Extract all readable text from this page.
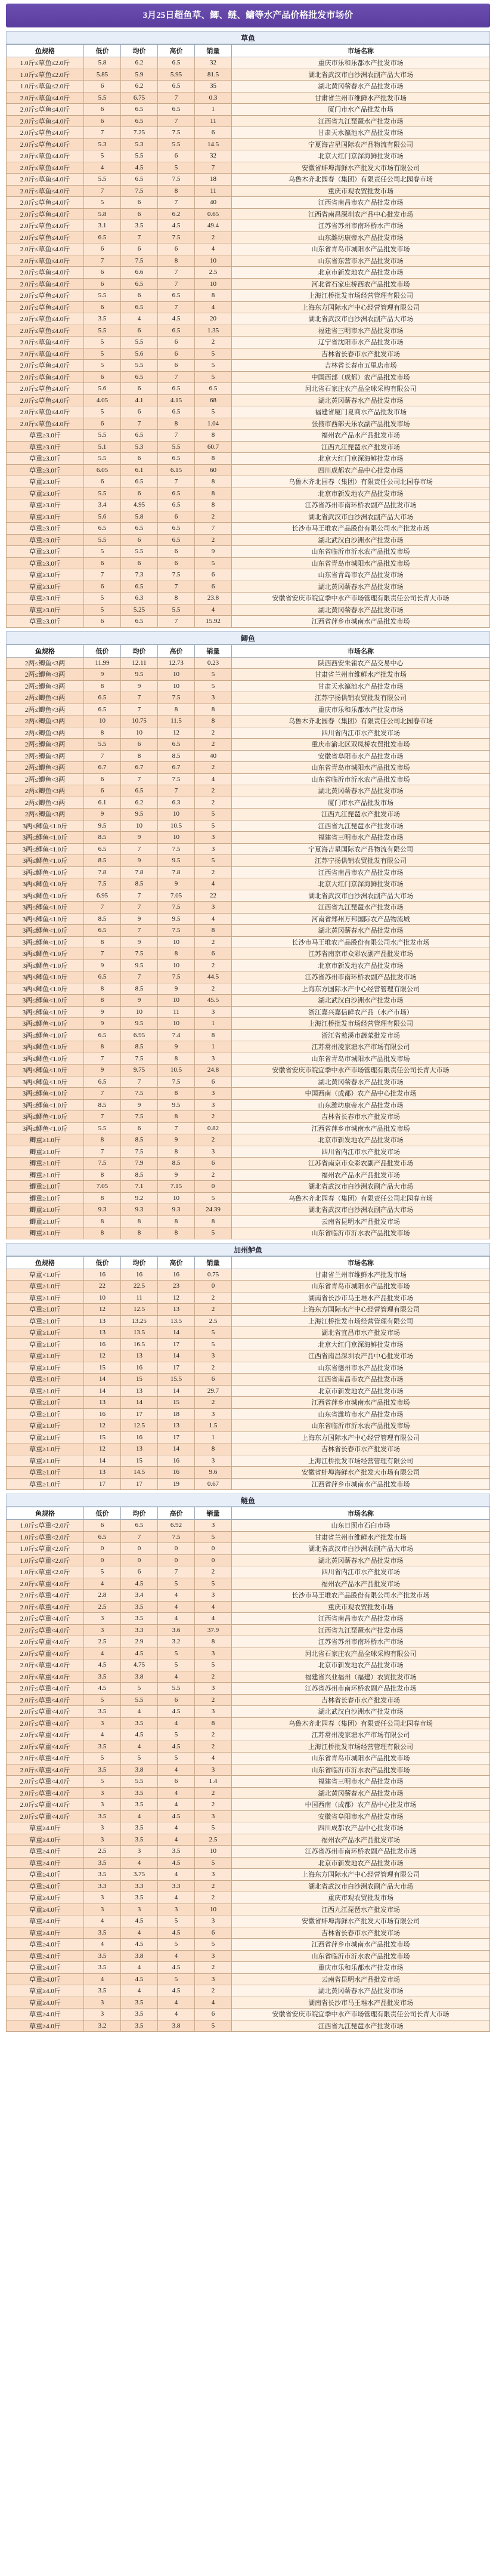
3月25日超鱼草、鲫、鲢、鳙等水产品价格批发市场价
草鱼
鱼规格	低价	均价	高价	销量	市场名称
1.0斤≤草鱼≤2.0斤	5.8	6.2	6.5	32	重庆市乐和乐都水产批发市场
1.0斤≤草鱼≤2.0斤	5.85	5.9	5.95	81.5	湖北省武汉市白沙洲农副产品大市场
1.0斤≤草鱼≤2.0斤	6	6.2	6.5	35	湖北黄冈蕲春水产品批发市场
2.0斤≤草鱼≤4.0斤	5.5	6.75	7	0.3	甘肃省兰州市维鲜水产批发市场
2.0斤≤草鱼≤4.0斤	6	6.5	6.5	1	厦门市水产品批发市场
2.0斤≤草鱼≤4.0斤	6	6.5	7	11	江西省九江琵琶水产批发市场
2.0斤≤草鱼≤4.0斤	7	7.25	7.5	6	甘肃天水瀛池水产品批发市场
2.0斤≤草鱼≤4.0斤	5.3	5.3	5.5	14.5	宁夏海吉星国际农产品物流有限公司
2.0斤≤草鱼≤4.0斤	5	5.5	6	32	北京大红门京深海鲜批发市场
2.0斤≤草鱼≤4.0斤	4	4.5	5	7	安徽省蚌埠海鲜水产批发大市场有限公司
2.0斤≤草鱼≤4.0斤	5.5	6.5	7.5	18	乌鲁木齐北园春（集团）有限责任公司北园春市场
2.0斤≤草鱼≤4.0斤	7	7.5	8	11	重庆市观农贸批发市场
2.0斤≤草鱼≤4.0斤	5	6	7	40	江西省南昌市农产品批发市场
2.0斤≤草鱼≤4.0斤	5.8	6	6.2	0.65	江西省南昌深圳农产品中心批发市场
2.0斤≤草鱼≤4.0斤	3.1	3.5	4.5	49.4	江苏省苏州市南环桥水产市场
2.0斤≤草鱼≤4.0斤	6.5	7	7.5	2	山东潍坊康帝水产品批发市场
2.0斤≤草鱼≤4.0斤	6	6	6	4	山东省青岛市城阳水产品批发市场
2.0斤≤草鱼≤4.0斤	7	7.5	8	10	山东省东营市水产品批发市场
2.0斤≤草鱼≤4.0斤	6	6.6	7	2.5	北京市新发地农产品批发市场
2.0斤≤草鱼≤4.0斤	6	6.5	7	10	河北省石家庄桥西农产品批发市场
2.0斤≤草鱼≤4.0斤	5.5	6	6.5	8	上海江桥批发市场经营管理有限公司
2.0斤≤草鱼≤4.0斤	6	6.5	7	4	上海东方国际水产中心经营管理有限公司
2.0斤≤草鱼≤4.0斤	3.5	4	4.5	20	湖北省武汉市白沙洲农副产品大市场
2.0斤≤草鱼≤4.0斤	5.5	6	6.5	1.35	福建省三明市水产品批发市场
2.0斤≤草鱼≤4.0斤	5	5.5	6	2	辽宁省沈阳市水产品批发市场
2.0斤≤草鱼≤4.0斤	5	5.6	6	5	吉林省长春市水产批发市场
2.0斤≤草鱼≤4.0斤	5	5.5	6	5	吉林省长春市五里店市场
2.0斤≤草鱼≤4.0斤	6	6.5	7	5	中国西部（成都）农产品批发市场
2.0斤≤草鱼≤4.0斤	5.6	6	6.5	6.5	河北省石家庄农产品全球采购有限公司
2.0斤≤草鱼≤4.0斤	4.05	4.1	4.15	68	湖北黄冈蕲春水产品批发市场
2.0斤≤草鱼≤4.0斤	5	6	6.5	5	福建省厦门夏商水产品批发市场
2.0斤≤草鱼≤4.0斤	6	7	8	1.04	张掖市西部天乐农副产品批发市场
草重≥3.0斤	5.5	6.5	7	8	福州农产品水产品批发市场
草重≥3.0斤	5.1	5.3	5.5	60.7	江西九江琵琶水产批发市场
草重≥3.0斤	5.5	6	6.5	8	北京大红门京深海鲜批发市场
草重≥3.0斤	6.05	6.1	6.15	60	四川成都农产品中心批发市场
草重≥3.0斤	6	6.5	7	8	乌鲁木齐北园春（集团）有限责任公司北园春市场
草重≥3.0斤	5.5	6	6.5	8	北京市新发地农产品批发市场
草重≥3.0斤	3.4	4.95	6.5	8	江苏省苏州市南环桥农副产品批发市场
草重≥3.0斤	5.6	5.8	6	2	湖北省武汉市白沙洲农副产品大市场
草重≥3.0斤	6.5	6.5	6.5	7	长沙市马王堆农产品股份有限公司水产批发市场
草重≥3.0斤	5.5	6	6.5	2	湖北武汉白沙洲水产批发市场
草重≥3.0斤	5	5.5	6	9	山东省临沂市沂水农产品批发市场
草重≥3.0斤	6	6	6	5	山东省青岛市城阳水产品批发市场
草重≥3.0斤	7	7.3	7.5	6	山东省青岛市农产品批发市场
草重≥3.0斤	6	6.5	7	6	湖北黄冈蕲春水产品批发市场
草重≥3.0斤	5	6.3	8	23.8	安徽省安庆市皖宜季中水产市场管理有限责任公司长青大市场
草重≥3.0斤	5	5.25	5.5	4	湖北黄冈蕲春水产品批发市场
草重≥3.0斤	6	6.5	7	15.92	江西省萍乡市城南水产品批发市场
鲫鱼
鱼规格	低价	均价	高价	销量	市场名称
2两≤鲫鱼<3两	11.99	12.11	12.73	0.23	陕西西安朱雀农产品交易中心
2两≤鲫鱼<3两	9	9.5	10	5	甘肃省兰州市维鲜水产批发市场
2两≤鲫鱼<3两	8	9	10	5	甘肃天水瀛池水产品批发市场
2两≤鲫鱼<3两	6.5	7	7.5	3	江苏宁扬供销农贸批发有限公司
2两≤鲫鱼<3两	6.5	7	8	8	重庆市乐和乐都水产批发市场
2两≤鲫鱼<3两	10	10.75	11.5	8	乌鲁木齐北园春（集团）有限责任公司北园春市场
2两≤鲫鱼<3两	8	10	12	2	四川省内江市水产批发市场
2两≤鲫鱼<3两	5.5	6	6.5	2	重庆市渝北区双凤桥农贸批发市场
2两≤鲫鱼<3两	7	8	8.5	40	安徽省阜阳市水产品批发市场
2两≤鲫鱼<3两	6.7	6.7	6.7	2	山东省青岛市城阳水产品批发市场
2两≤鲫鱼<3两	6	7	7.5	4	山东省临沂市沂水农产品批发市场
2两≤鲫鱼<3两	6	6.5	7	2	湖北黄冈蕲春水产品批发市场
2两≤鲫鱼<3两	6.1	6.2	6.3	2	厦门市水产品批发市场
2两≤鲫鱼<3两	9	9.5	10	5	江西九江琵琶水产批发市场
3两≤鲫鱼<1.0斤	9.5	10	10.5	5	江西省九江琵琶水产批发市场
3两≤鲫鱼<1.0斤	8.5	9	10	3	福建省三明市水产品批发市场
3两≤鲫鱼<1.0斤	6.5	7	7.5	3	宁夏海吉星国际农产品物流有限公司
3两≤鲫鱼<1.0斤	8.5	9	9.5	5	江苏宁扬供销农贸批发有限公司
3两≤鲫鱼<1.0斤	7.8	7.8	7.8	2	江西省南昌市农产品批发市场
3两≤鲫鱼<1.0斤	7.5	8.5	9	4	北京大红门京深海鲜批发市场
3两≤鲫鱼<1.0斤	6.95	7	7.05	22	湖北省武汉市白沙洲农副产品大市场
3两≤鲫鱼<1.0斤	7	7	7.5	3	江西省九江琵琶水产批发市场
3两≤鲫鱼<1.0斤	8.5	9	9.5	4	河南省郑州万邦国际农产品物流城
3两≤鲫鱼<1.0斤	6.5	7	7.5	8	湖北黄冈蕲春水产品批发市场
3两≤鲫鱼<1.0斤	8	9	10	2	长沙市马王堆农产品股份有限公司水产批发市场
3两≤鲫鱼<1.0斤	7	7.5	8	6	江苏省南京市众彩农副产品批发市场
3两≤鲫鱼<1.0斤	9	9.5	10	2	北京市新发地农产品批发市场
3两≤鲫鱼<1.0斤	6.5	7	7.5	44.5	江苏省苏州市南环桥农副产品批发市场
3两≤鲫鱼<1.0斤	8	8.5	9	2	上海东方国际水产中心经营管理有限公司
3两≤鲫鱼<1.0斤	8	9	10	45.5	湖北武汉白沙洲水产批发市场
3两≤鲫鱼<1.0斤	9	10	11	3	浙江嘉兴嘉信鲜农产品（水产市场）
3两≤鲫鱼<1.0斤	9	9.5	10	1	上海江桥批发市场经营管理有限公司
3两≤鲫鱼<1.0斤	6.5	6.95	7.4	8	浙江省慈溪市蔬菜批发市场
3两≤鲫鱼<1.0斤	8	8.5	9	1	江苏常州凌家塘水产市场有限公司
3两≤鲫鱼<1.0斤	7	7.5	8	3	山东省青岛市城阳水产品批发市场
3两≤鲫鱼<1.0斤	9	9.75	10.5	24.8	安徽省安庆市皖宜季中水产市场管理有限责任公司长青大市场
3两≤鲫鱼<1.0斤	6.5	7	7.5	6	湖北黄冈蕲春水产品批发市场
3两≤鲫鱼<1.0斤	7	7.5	8	3	中国西南（成都）农产品中心批发市场
3两≤鲫鱼<1.0斤	8.5	9	9.5	3	山东潍坊康帝水产品批发市场
3两≤鲫鱼<1.0斤	7	7.5	8	2	吉林省长春市水产批发市场
3两≤鲫鱼<1.0斤	5.5	6	7	0.82	江西省萍乡市城南水产品批发市场
鲫重≥1.0斤	8	8.5	9	2	北京市新发地农产品批发市场
鲫重≥1.0斤	7	7.5	8	3	四川省内江市水产批发市场
鲫重≥1.0斤	7.5	7.9	8.5	6	江苏省南京市众彩农副产品批发市场
鲫重≥1.0斤	8	8.5	9	2	福州农产品水产品批发市场
鲫重≥1.0斤	7.05	7.1	7.15	0	湖北省武汉市白沙洲农副产品大市场
鲫重≥1.0斤	8	9.2	10	5	乌鲁木齐北园春（集团）有限责任公司北园春市场
鲫重≥1.0斤	9.3	9.3	9.3	24.39	湖北省武汉市白沙洲农副产品大市场
鲫重≥1.0斤	8	8	8	8	云南省昆明水产品批发市场
鲫重≥1.0斤	8	8	8	5	山东省临沂市沂水农产品批发市场
加州鲈鱼
鱼规格	低价	均价	高价	销量	市场名称
草重<1.0斤	16	16	16	0.75	甘肃省兰州市维鲜水产批发市场
草重≥1.0斤	22	22.5	23	0	山东省青岛市城阳水产品批发市场
草重≥1.0斤	10	11	12	2	湖南省长沙市马王堆水产品批发市场
草重≥1.0斤	12	12.5	13	2	上海东方国际水产中心经营管理有限公司
草重≥1.0斤	13	13.25	13.5	2.5	上海江桥批发市场经营管理有限公司
草重≥1.0斤	13	13.5	14	5	湖北省宜昌市水产批发市场
草重≥1.0斤	16	16.5	17	5	北京大红门京深海鲜批发市场
草重≥1.0斤	12	13	14	3	江西省南昌深圳农产品中心批发市场
草重≥1.0斤	15	16	17	2	山东省德州市水产品批发市场
草重≥1.0斤	14	15	15.5	6	江西省南昌市农产品批发市场
草重≥1.0斤	14	13	14	29.7	北京市新发地农产品批发市场
草重≥1.0斤	13	14	15	2	江西省萍乡市城南水产品批发市场
草重≥1.0斤	16	17	18	3	山东省潍坊市水产品批发市场
草重≥1.0斤	12	12.5	13	1.5	山东省临沂市沂水农产品批发市场
草重≥1.0斤	15	16	17	1	上海东方国际水产中心经营管理有限公司
草重≥1.0斤	12	13	14	8	吉林省长春市水产批发市场
草重≥1.0斤	14	15	16	3	上海江桥批发市场经营管理有限公司
草重≥1.0斤	13	14.5	16	9.6	安徽省蚌埠海鲜水产批发大市场有限公司
草重≥1.0斤	17	17	19	0.67	江西省萍乡市城南水产品批发市场
鲢鱼
鱼规格	低价	均价	高价	销量	市场名称
1.0斤≤草重<2.0斤	6	6.5	6.92	3	山东日照市石臼市场
1.0斤≤草重<2.0斤	6.5	7	7.5	5	甘肃省兰州市维鲜水产批发市场
1.0斤≤草重<2.0斤	0	0	0	0	湖北省武汉市白沙洲农副产品大市场
1.0斤≤草重<2.0斤	0	0	0	0	湖北黄冈蕲春水产品批发市场
1.0斤≤草重<2.0斤	5	6	7	2	四川省内江市水产批发市场
2.0斤≤草重<4.0斤	4	4.5	5	5	福州农产品水产品批发市场
2.0斤≤草重<4.0斤	2.8	3.4	4	3	长沙市马王堆农产品股份有限公司水产批发市场
2.0斤≤草重<4.0斤	2.5	3.5	4	4	重庆市观农贸批发市场
2.0斤≤草重<4.0斤	3	3.5	4	4	江西省南昌市农产品批发市场
2.0斤≤草重<4.0斤	3	3.3	3.6	37.9	江西省九江琵琶水产批发市场
2.0斤≤草重<4.0斤	2.5	2.9	3.2	8	江苏省苏州市南环桥水产市场
2.0斤≤草重<4.0斤	4	4.5	5	3	河北省石家庄农产品全球采购有限公司
2.0斤≤草重<4.0斤	4.5	4.75	5	5	北京市新发地农产品批发市场
2.0斤≤草重<4.0斤	3.5	3.8	4	2	福建省兴业福州（福建）农贸批发市场
2.0斤≤草重<4.0斤	4.5	5	5.5	3	江苏省苏州市南环桥农副产品批发市场
2.0斤≤草重<4.0斤	5	5.5	6	2	吉林省长春市水产批发市场
2.0斤≤草重<4.0斤	3.5	4	4.5	3	湖北武汉白沙洲水产批发市场
2.0斤≤草重<4.0斤	3	3.5	4	8	乌鲁木齐北园春（集团）有限责任公司北园春市场
2.0斤≤草重<4.0斤	4	4.5	5	2	江苏常州凌家塘水产市场有限公司
2.0斤≤草重<4.0斤	3.5	4	4.5	2	上海江桥批发市场经营管理有限公司
2.0斤≤草重<4.0斤	5	5	5	4	山东省青岛市城阳水产品批发市场
2.0斤≤草重<4.0斤	3.5	3.8	4	3	山东省临沂市沂水农产品批发市场
2.0斤≤草重<4.0斤	5	5.5	6	1.4	福建省三明市水产品批发市场
2.0斤≤草重<4.0斤	3	3.5	4	2	湖北黄冈蕲春水产品批发市场
2.0斤≤草重<4.0斤	3	3.5	4	2	中国西南（成都）农产品中心批发市场
2.0斤≤草重<4.0斤	3.5	4	4.5	3	安徽省阜阳市水产品批发市场
草重≥4.0斤	3	3.5	4	5	四川成都农产品中心批发市场
草重≥4.0斤	3	3.5	4	2.5	福州农产品水产品批发市场
草重≥4.0斤	2.5	3	3.5	10	江苏省苏州市南环桥农副产品批发市场
草重≥4.0斤	3.5	4	4.5	5	北京市新发地农产品批发市场
草重≥4.0斤	3.5	3.75	4	3	上海东方国际水产中心经营管理有限公司
草重≥4.0斤	3.3	3.3	3.3	2	湖北省武汉市白沙洲农副产品大市场
草重≥4.0斤	3	3.5	4	2	重庆市观农贸批发市场
草重≥4.0斤	3	3	3	10	江西九江琵琶水产批发市场
草重≥4.0斤	4	4.5	5	3	安徽省蚌埠海鲜水产批发大市场有限公司
草重≥4.0斤	3.5	4	4.5	6	吉林省长春市水产批发市场
草重≥4.0斤	4	4.5	5	5	江西省萍乡市城南水产品批发市场
草重≥4.0斤	3.5	3.8	4	3	山东省临沂市沂水农产品批发市场
草重≥4.0斤	3.5	4	4.5	2	重庆市乐和乐都水产批发市场
草重≥4.0斤	4	4.5	5	3	云南省昆明水产品批发市场
草重≥4.0斤	3.5	4	4.5	2	湖北黄冈蕲春水产品批发市场
草重≥4.0斤	3	3.5	4	4	湖南省长沙市马王堆水产品批发市场
草重≥4.0斤	3	3.5	4	6	安徽省安庆市皖宜季中水产市场管理有限责任公司长青大市场
草重≥4.0斤	3.2	3.5	3.8	5	江西省九江琵琶水产批发市场
